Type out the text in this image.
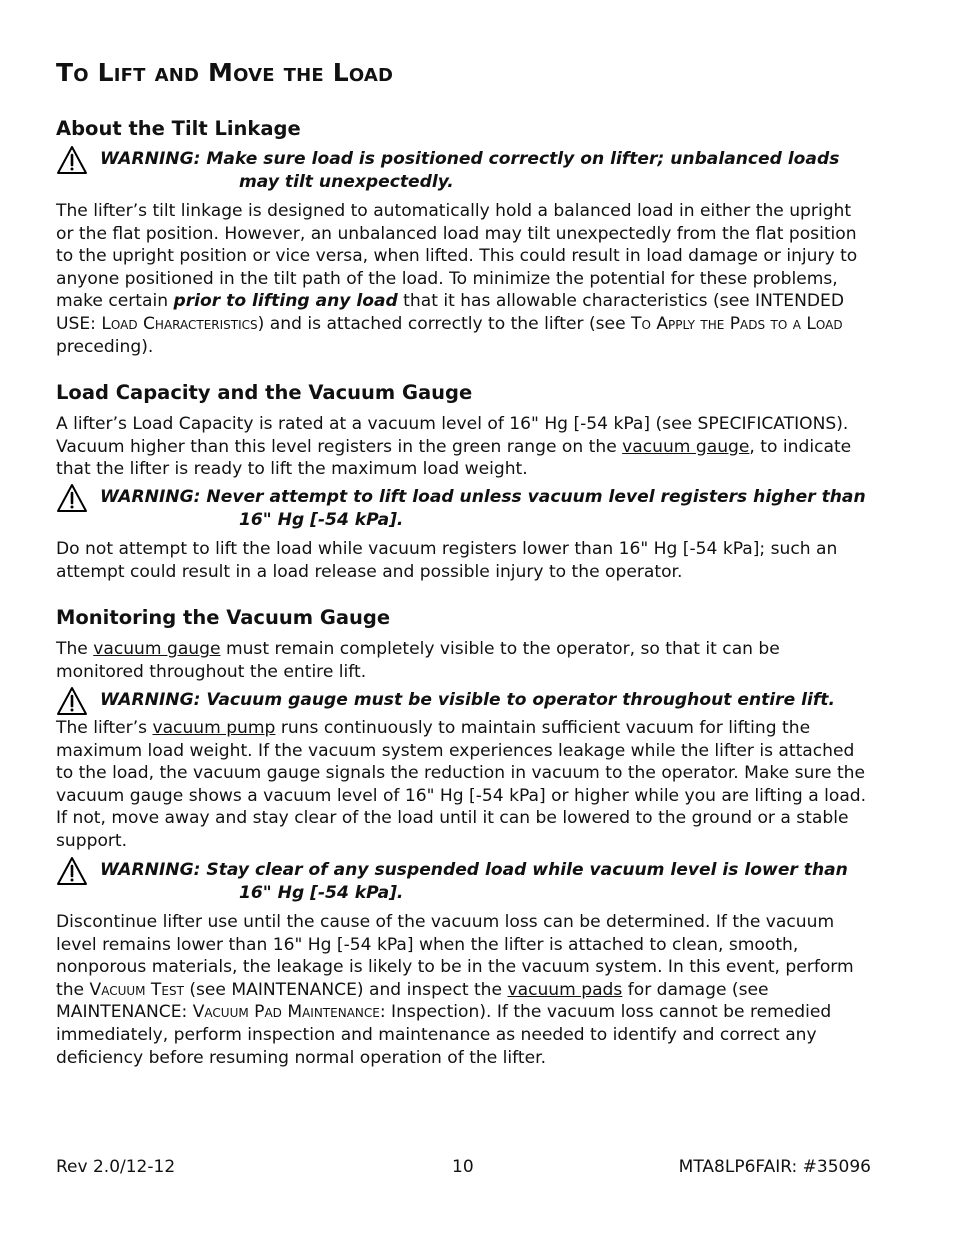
To Lift and Move the Load
About the Tilt Linkage
WARNING: Make sure load is positioned correctly on lifter; unbalanced loads
may tilt unexpectedly.

The lifter’s tilt linkage is designed to automatically hold a balanced load in either the upright or the flat position. However, an unbalanced load may tilt unexpectedly from the flat position to the upright position or vice versa, when lifted. This could result in load damage or injury to anyone positioned in the tilt path of the load. To minimize the potential for these problems, make certain prior to lifting any load that it has allowable characteristics (see INTENDED USE: Load Characteristics) and is attached correctly to the lifter (see To Apply the Pads to a Load preceding).

Load Capacity and the Vacuum Gauge

A lifter’s Load Capacity is rated at a vacuum level of 16" Hg [-54 kPa] (see SPECIFICATIONS). Vacuum higher than this level registers in the green range on the vacuum gauge, to indicate that the lifter is ready to lift the maximum load weight.

WARNING: Never attempt to lift load unless vacuum level registers higher than
16" Hg [-54 kPa].

Do not attempt to lift the load while vacuum registers lower than 16" Hg [-54 kPa]; such an attempt could result in a load release and possible injury to the operator.

Monitoring the Vacuum Gauge

The vacuum gauge must remain completely visible to the operator, so that it can be monitored throughout the entire lift.

WARNING: Vacuum gauge must be visible to operator throughout entire lift.

The lifter’s vacuum pump runs continuously to maintain sufficient vacuum for lifting the maximum load weight. If the vacuum system experiences leakage while the lifter is attached to the load, the vacuum gauge signals the reduction in vacuum to the operator. Make sure the vacuum gauge shows a vacuum level of 16" Hg [-54 kPa] or higher while you are lifting a load. If not, move away and stay clear of the load until it can be lowered to the ground or a stable support.

WARNING: Stay clear of any suspended load while vacuum level is lower than
16" Hg [-54 kPa].

Discontinue lifter use until the cause of the vacuum loss can be determined. If the vacuum level remains lower than 16" Hg [-54 kPa] when the lifter is attached to clean, smooth, nonporous materials, the leakage is likely to be in the vacuum system. In this event, perform the Vacuum Test (see MAINTENANCE) and inspect the vacuum pads for damage (see MAINTENANCE: Vacuum Pad Maintenance: Inspection). If the vacuum loss cannot be remedied immediately, perform inspection and maintenance as needed to identify and correct any deficiency before resuming normal operation of the lifter.

Rev 2.0/12-12	10	MTA8LP6FAIR: #35096
